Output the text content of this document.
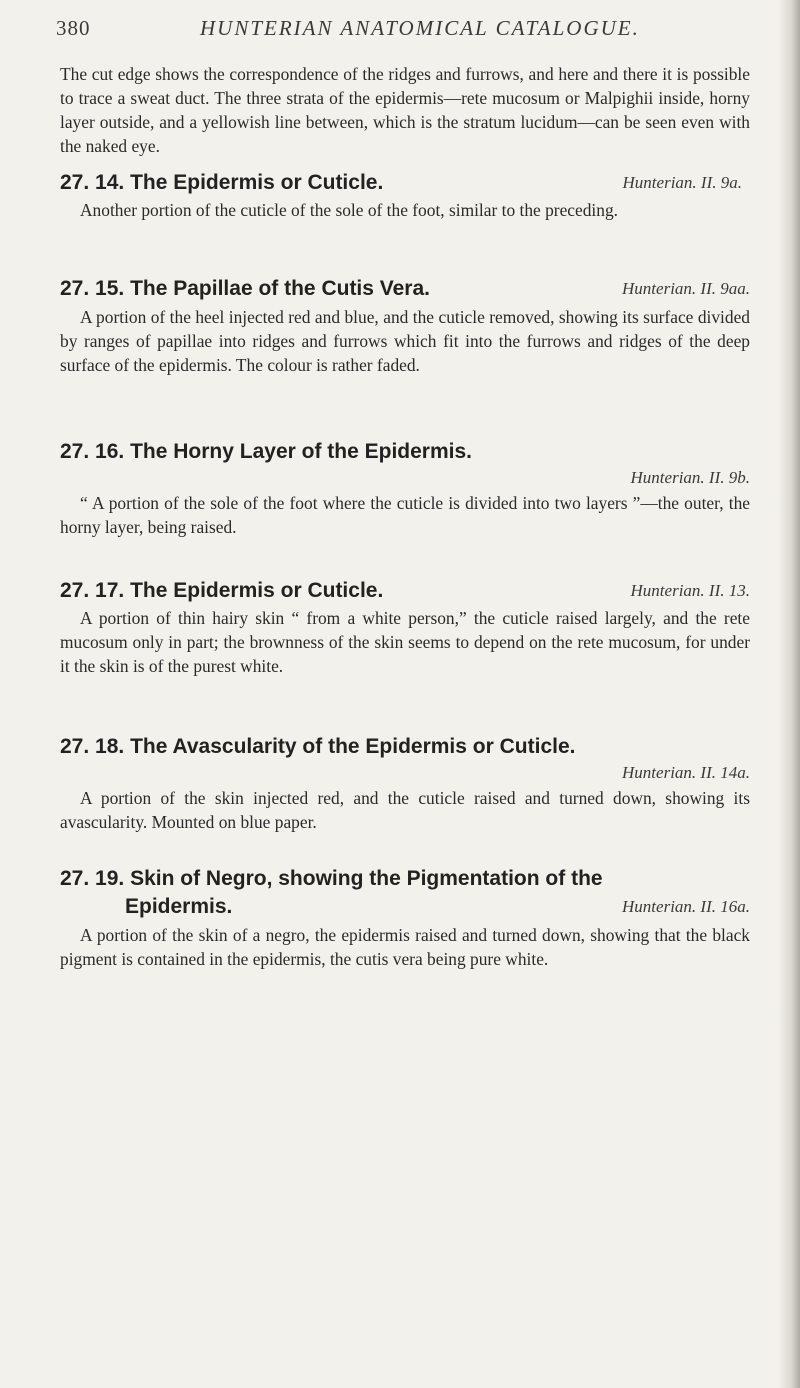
380	HUNTERIAN ANATOMICAL CATALOGUE.
The cut edge shows the correspondence of the ridges and furrows, and here and there it is possible to trace a sweat duct. The three strata of the epidermis—rete mucosum or Malpighii inside, horny layer outside, and a yellowish line between, which is the stratum lucidum—can be seen even with the naked eye.
27. 14. The Epidermis or Cuticle.	Hunterian. II. 9a.
Another portion of the cuticle of the sole of the foot, similar to the preceding.
27. 15. The Papillae of the Cutis Vera.	Hunterian. II. 9aa.
A portion of the heel injected red and blue, and the cuticle removed, showing its surface divided by ranges of papillae into ridges and furrows which fit into the furrows and ridges of the deep surface of the epidermis. The colour is rather faded.
27. 16. The Horny Layer of the Epidermis.
Hunterian. II. 9b.
“ A portion of the sole of the foot where the cuticle is divided into two layers ”—the outer, the horny layer, being raised.
27. 17. The Epidermis or Cuticle.	Hunterian. II. 13.
A portion of thin hairy skin “ from a white person,” the cuticle raised largely, and the rete mucosum only in part; the brownness of the skin seems to depend on the rete mucosum, for under it the skin is of the purest white.
27. 18. The Avascularity of the Epidermis or Cuticle.
Hunterian. II. 14a.
A portion of the skin injected red, and the cuticle raised and turned down, showing its avascularity. Mounted on blue paper.
27. 19. Skin of Negro, showing the Pigmentation of the
Epidermis.	Hunterian. II. 16a.
A portion of the skin of a negro, the epidermis raised and turned down, showing that the black pigment is contained in the epidermis, the cutis vera being pure white.
